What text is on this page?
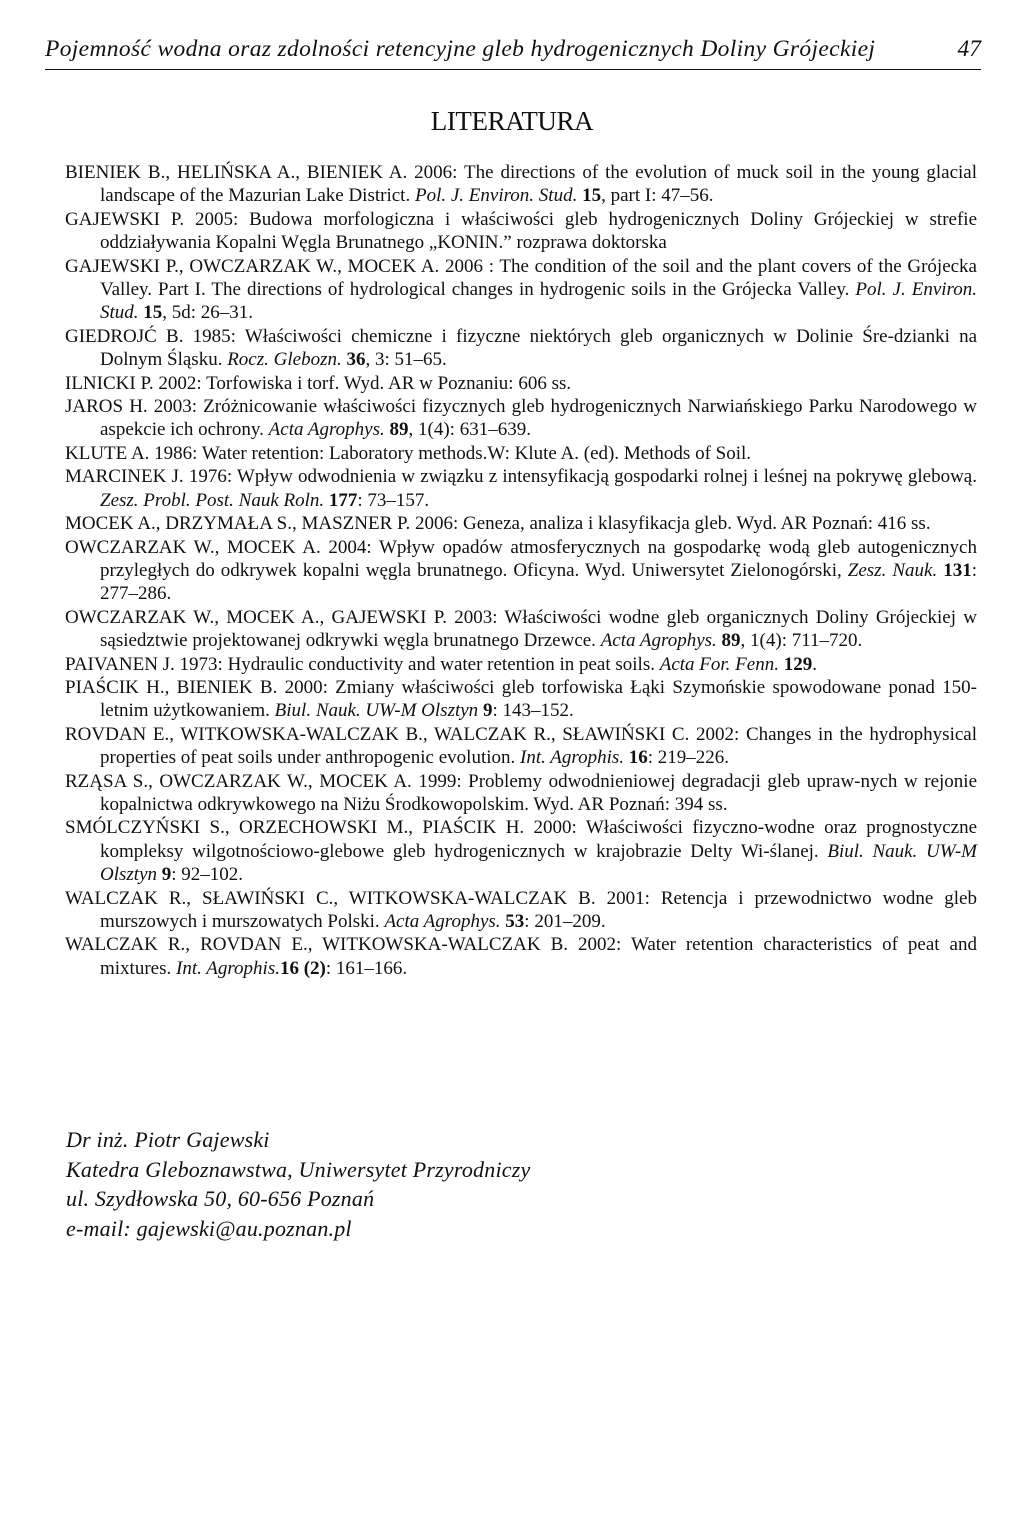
Pojemność wodna oraz zdolności retencyjne gleb hydrogenicznych Doliny Grójeckiej	47
LITERATURA
BIENIEK B., HELIŃSKA A., BIENIEK A. 2006: The directions of the evolution of muck soil in the young glacial landscape of the Mazurian Lake District. Pol. J. Environ. Stud. 15, part I: 47–56.
GAJEWSKI P. 2005: Budowa morfologiczna i właściwości gleb hydrogenicznych Doliny Grójeckiej w strefie oddziaływania Kopalni Węgla Brunatnego „KONIN.” rozprawa doktorska
GAJEWSKI P., OWCZARZAK W., MOCEK A. 2006 : The condition of the soil and the plant covers of the Grójecka Valley. Part I. The directions of hydrological changes in hydrogenic soils in the Grójecka Valley. Pol. J. Environ. Stud. 15, 5d: 26–31.
GIEDROJĆ B. 1985: Właściwości chemiczne i fizyczne niektórych gleb organicznych w Dolinie Śre-dzianki na Dolnym Śląsku. Rocz. Glebozn. 36, 3: 51–65.
ILNICKI P. 2002: Torfowiska i torf. Wyd. AR w Poznaniu: 606 ss.
JAROS H. 2003: Zróżnicowanie właściwości fizycznych gleb hydrogenicznych Narwiańskiego Parku Narodowego w aspekcie ich ochrony. Acta Agrophys. 89, 1(4): 631–639.
KLUTE A. 1986: Water retention: Laboratory methods.W: Klute A. (ed). Methods of Soil.
MARCINEK J. 1976: Wpływ odwodnienia w związku z intensyfikacją gospodarki rolnej i leśnej na pokrywę glebową. Zesz. Probl. Post. Nauk Roln. 177: 73–157.
MOCEK A., DRZYMAŁA S., MASZNER P. 2006: Geneza, analiza i klasyfikacja gleb. Wyd. AR Poznań: 416 ss.
OWCZARZAK W., MOCEK A. 2004: Wpływ opadów atmosferycznych na gospodarkę wodą gleb autogenicznych przyległych do odkrywek kopalni węgla brunatnego. Oficyna. Wyd. Uniwersytet Zielonogórski, Zesz. Nauk. 131: 277–286.
OWCZARZAK W., MOCEK A., GAJEWSKI P. 2003: Właściwości wodne gleb organicznych Doliny Grójeckiej w sąsiedztwie projektowanej odkrywki węgla brunatnego Drzewce. Acta Agrophys. 89, 1(4): 711–720.
PAIVANEN J. 1973: Hydraulic conductivity and water retention in peat soils. Acta For. Fenn. 129.
PIAŚCIK H., BIENIEK B. 2000: Zmiany właściwości gleb torfowiska Łąki Szymońskie spowodowane ponad 150-letnim użytkowaniem. Biul. Nauk. UW-M Olsztyn 9: 143–152.
ROVDAN E., WITKOWSKA-WALCZAK B., WALCZAK R., SŁAWIŃSKI C. 2002: Changes in the hydrophysical properties of peat soils under anthropogenic evolution. Int. Agrophis. 16: 219–226.
RZĄSA S., OWCZARZAK W., MOCEK A. 1999: Problemy odwodnieniowej degradacji gleb upraw-nych w rejonie kopalnictwa odkrywkowego na Niżu Środkowopolskim. Wyd. AR Poznań: 394 ss.
SMÓLCZYŃSKI S., ORZECHOWSKI M., PIAŚCIK H. 2000: Właściwości fizyczno-wodne oraz prognostyczne kompleksy wilgotnościowo-glebowe gleb hydrogenicznych w krajobrazie Delty Wi-ślanej. Biul. Nauk. UW-M Olsztyn 9: 92–102.
WALCZAK R., SŁAWIŃSKI C., WITKOWSKA-WALCZAK B. 2001: Retencja i przewodnictwo wodne gleb murszowych i murszowatych Polski. Acta Agrophys. 53: 201–209.
WALCZAK R., ROVDAN E., WITKOWSKA-WALCZAK B. 2002: Water retention characteristics of peat and mixtures. Int. Agrophis.16 (2): 161–166.
Dr inż. Piotr Gajewski
Katedra Gleboznawstwa, Uniwersytet Przyrodniczy
ul. Szydłowska 50, 60-656 Poznań
e-mail: gajewski@au.poznan.pl
